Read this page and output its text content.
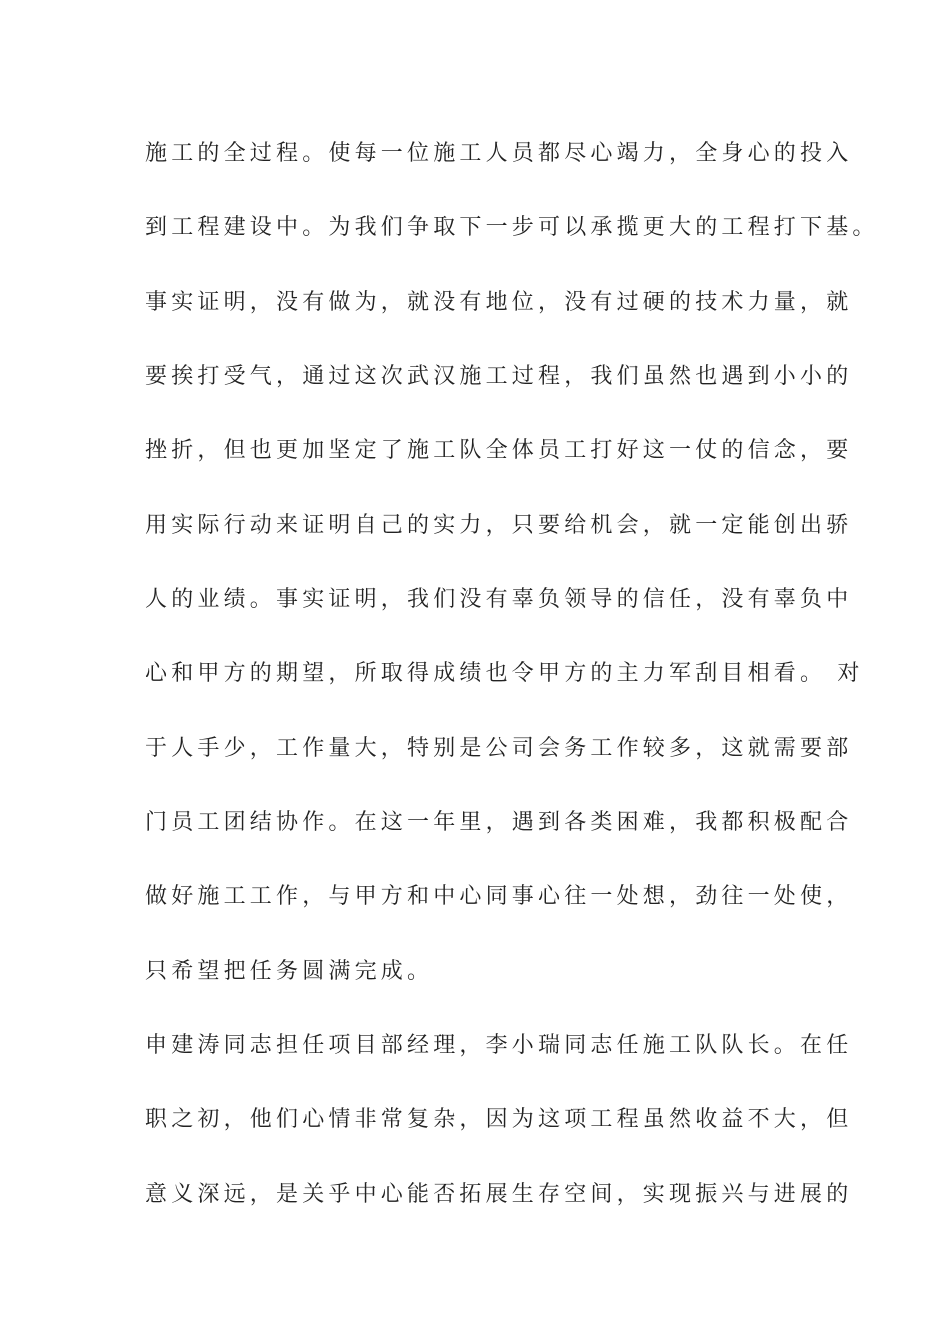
施工的全过程。使每一位施工人员都尽心竭力，全身心的投入
到工程建设中。为我们争取下一步可以承揽更大的工程打下基。
事实证明，没有做为，就没有地位，没有过硬的技术力量，就
要挨打受气，通过这次武汉施工过程，我们虽然也遇到小小的
挫折，但也更加坚定了施工队全体员工打好这一仗的信念，要
用实际行动来证明自己的实力，只要给机会，就一定能创出骄
人的业绩。事实证明，我们没有辜负领导的信任，没有辜负中
心和甲方的期望，所取得成绩也令甲方的主力军刮目相看。 对
于人手少，工作量大，特别是公司会务工作较多，这就需要部
门员工团结协作。在这一年里，遇到各类困难，我都积极配合
做好施工工作，与甲方和中心同事心往一处想，劲往一处使，
只希望把任务圆满完成。
申建涛同志担任项目部经理，李小瑞同志任施工队队长。在任
职之初，他们心情非常复杂，因为这项工程虽然收益不大，但
意义深远，是关乎中心能否拓展生存空间，实现振兴与进展的
